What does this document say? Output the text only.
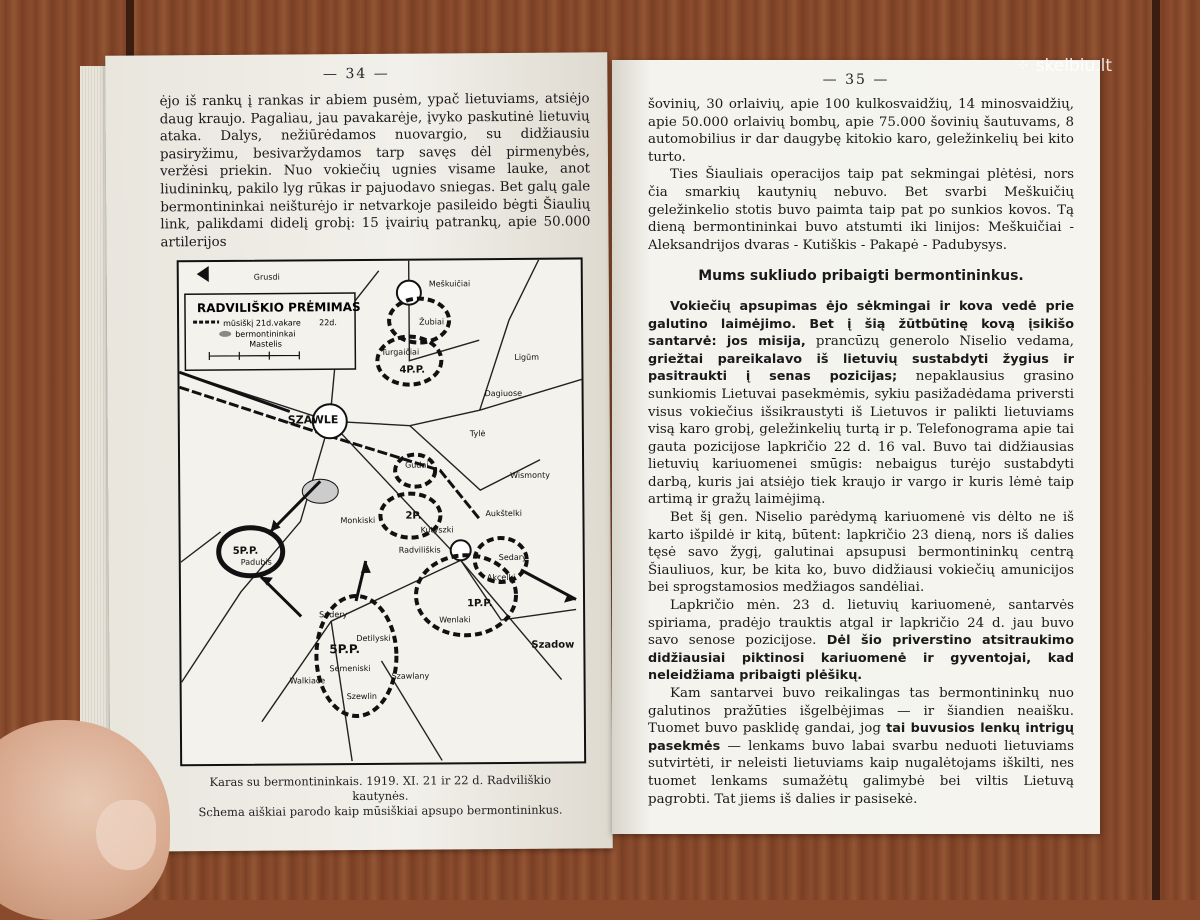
— 34 —

ėjo iš rankų į rankas ir abiem pusėm, ypač lietuviams, atsiėjo daug kraujo. Pagaliau, jau pavakarėje, įvyko paskutinė lietuvių ataka. Dalys, nežiūrėdamos nuovargio, su didžiausiu pasiryžimu, besivaržydamos tarp savęs dėl pirmenybės, veržėsi priekin. Nuo vokiečių ugnies visame lauke, anot liudininkų, pakilo lyg rūkas ir pajuodavo sniegas. Bet galų gale bermontininkai neišturėjo ir netvarkoje pasileido bėgti Šiaulių link, palikdami didelį grobį: 15 įvairių patrankų, apie 50.000 artilerijos

RADVILIŠKIO PRĖMIMAS
mūsiškį 21d.vakare 22d.
bermontininkai
Mastelis
Grusdi
Meškuičiai
Žubiai
Turgaičiai
4P.P.
Ligūm
Dagiuose
Tylė
SZAWLE
Gudai
2P.
Wismonty
Kutyszki
Monkiski
Aukštelki
5P.P.
Padubis
Radviliškis
Sedary
Akcelki
1P.P.
Wenlaki
Szadow
Sudery
5P.P.
Detilyski
Semeniski
Szawlany
Walkiace
Szewlin
Karas su bermontininkais. 1919. XI. 21 ir 22 d. Radviliškio kautynės.
Schema aiškiai parodo kaip mūsiškiai apsupo bermontininkus.
— 35 —

šovinių, 30 orlaivių, apie 100 kulkosvaidžių, 14 minosvaidžių, apie 50.000 orlaivių bombų, apie 75.000 šovinių šautuvams, 8 automobilius ir dar daugybę kitokio karo, geležinkelių bei kito turto.

Ties Šiauliais operacijos taip pat sekmingai plėtėsi, nors čia smarkių kautynių nebuvo. Bet svarbi Meškuičių geležinkelio stotis buvo paimta taip pat po sunkios kovos. Tą dieną bermontininkai buvo atstumti iki linijos: Meškuičiai - Aleksandrijos dvaras - Kutiškis - Pakapė - Padubysys.

Mums sukliudo pribaigti bermontininkus.

Vokiečių apsupimas ėjo sėkmingai ir kova vedė prie galutino laimėjimo. Bet į šią žūtbūtinę kovą įsikišo santarvė: jos misija, prancūzų generolo Niselio vedama, griežtai pareikalavo iš lietuvių sustabdyti žygius ir pasitraukti į senas pozicijas; nepaklausius grasino sunkiomis Lietuvai pasekmėmis, sykiu pasižadėdama priversti visus vokiečius išsikraustyti iš Lietuvos ir palikti lietuviams visą karo grobį, geležinkelių turtą ir p. Telefonograma apie tai gauta pozicijose lapkričio 22 d. 16 val. Buvo tai didžiausias lietuvių kariuomenei smūgis: nebaigus turėjo sustabdyti darbą, kuris jai atsiėjo tiek kraujo ir vargo ir kuris lėmė taip artimą ir gražų laimėjimą.

Bet šį gen. Niselio parėdymą kariuomenė vis dėlto ne iš karto išpildė ir kitą, būtent: lapkričio 23 dieną, nors iš dalies tęsė savo žygį, galutinai apsupusi bermontininkų centrą Šiauliuos, kur, be kita ko, buvo didžiausi vokiečių amunicijos bei sprogstamosios medžiagos sandėliai.

Lapkričio mėn. 23 d. lietuvių kariuomenė, santarvės spiriama, pradėjo trauktis atgal ir lapkričio 24 d. jau buvo savo senose pozicijose. Dėl šio priverstino atsitraukimo didžiausiai piktinosi kariuomenė ir gyventojai, kad neleidžiama pribaigti plėšikų.

Kam santarvei buvo reikalingas tas bermontininkų nuo galutinos pražūties išgelbėjimas — ir šiandien neaišku. Tuomet buvo pasklidę gandai, jog tai buvusios lenkų intrigų pasekmės — lenkams buvo labai svarbu neduoti lietuviams sutvirtėti, ir neleisti lietuviams kaip nugalėtojams iškilti, nes tuomet lenkams sumažėtų galimybė bei viltis Lietuvą pagrobti. Tat jiems iš dalies ir pasisekė.

⁘ skelbiu.lt
